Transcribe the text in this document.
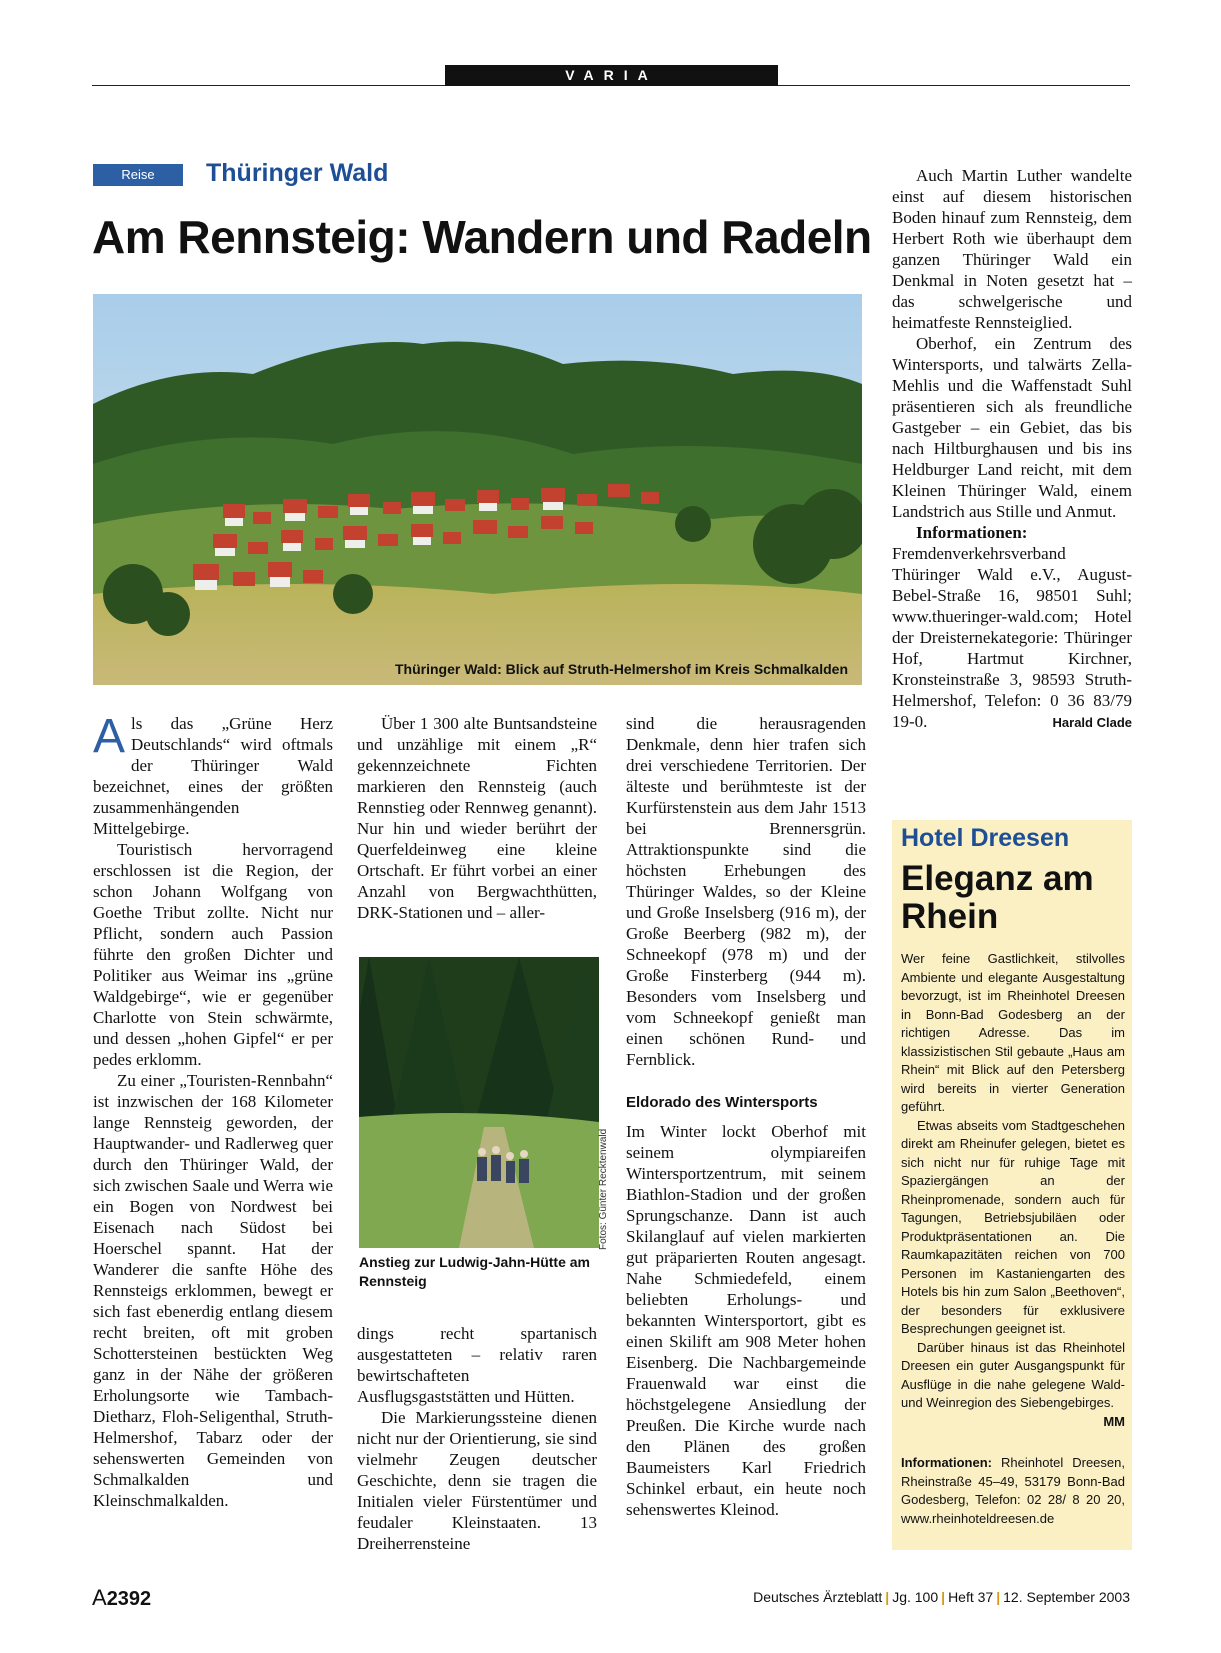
VARIA
Reise	Thüringer Wald
Am Rennsteig: Wandern und Radeln
Thüringer Wald: Blick auf Struth-Helmershof im Kreis Schmalkalden

Als das „Grüne Herz Deutschlands“ wird oftmals der Thüringer Wald bezeichnet, eines der größten zusammenhängenden Mittelgebirge.

Touristisch hervorragend erschlossen ist die Region, der schon Johann Wolfgang von Goethe Tribut zollte. Nicht nur Pflicht, sondern auch Passion führte den großen Dichter und Politiker aus Weimar ins „grüne Waldgebirge“, wie er gegenüber Charlotte von Stein schwärmte, und dessen „hohen Gipfel“ er per pedes erklomm.

Zu einer „Touristen-Rennbahn“ ist inzwischen der 168 Kilometer lange Rennsteig geworden, der Hauptwander- und Radlerweg quer durch den Thüringer Wald, der sich zwischen Saale und Werra wie ein Bogen von Nordwest bei Eisenach nach Südost bei Hoerschel spannt. Hat der Wanderer die sanfte Höhe des Rennsteigs erklommen, bewegt er sich fast ebenerdig entlang diesem recht breiten, oft mit groben Schottersteinen bestückten Weg ganz in der Nähe der größeren Erholungsorte wie Tambach-Dietharz, Floh-Seligenthal, Struth-Helmershof, Tabarz oder der sehenswerten Gemeinden von Schmalkalden und Kleinschmalkalden.

Über 1 300 alte Buntsandsteine und unzählige mit einem „R“ gekennzeichnete Fichten markieren den Rennsteig (auch Rennstieg oder Rennweg genannt). Nur hin und wieder berührt der Querfeldeinweg eine kleine Ortschaft. Er führt vorbei an einer Anzahl von Bergwachthütten, DRK-Stationen und – aller-

Fotos: Günter Recktenwald
Anstieg zur Ludwig-Jahn-Hütte am Rennsteig

dings recht spartanisch ausgestatteten – relativ raren bewirtschafteten Ausflugsgaststätten und Hütten.

Die Markierungssteine dienen nicht nur der Orientierung, sie sind vielmehr Zeugen deutscher Geschichte, denn sie tragen die Initialen vieler Fürstentümer und feudaler Kleinstaaten. 13 Dreiherrensteine

sind die herausragenden Denkmale, denn hier trafen sich drei verschiedene Territorien. Der älteste und berühmteste ist der Kurfürstenstein aus dem Jahr 1513 bei Brennersgrün. Attraktionspunkte sind die höchsten Erhebungen des Thüringer Waldes, so der Kleine und Große Inselsberg (916 m), der Große Beerberg (982 m), der Schneekopf (978 m) und der Große Finsterberg (944 m). Besonders vom Inselsberg und vom Schneekopf genießt man einen schönen Rund- und Fernblick.

Eldorado des Wintersports

Im Winter lockt Oberhof mit seinem olympiareifen Wintersportzentrum, mit seinem Biathlon-Stadion und der großen Sprungschanze. Dann ist auch Skilanglauf auf vielen markierten gut präparierten Routen angesagt. Nahe Schmiedefeld, einem beliebten Erholungs- und bekannten Wintersportort, gibt es einen Skilift am 908 Meter hohen Eisenberg. Die Nachbargemeinde Frauenwald war einst die höchstgelegene Ansiedlung der Preußen. Die Kirche wurde nach den Plänen des großen Baumeisters Karl Friedrich Schinkel erbaut, ein heute noch sehenswertes Kleinod.

Auch Martin Luther wandelte einst auf diesem historischen Boden hinauf zum Rennsteig, dem Herbert Roth wie überhaupt dem ganzen Thüringer Wald ein Denkmal in Noten gesetzt hat – das schwelgerische und heimatfeste Rennsteiglied.

Oberhof, ein Zentrum des Wintersports, und talwärts Zella-Mehlis und die Waffenstadt Suhl präsentieren sich als freundliche Gastgeber – ein Gebiet, das bis nach Hiltburghausen und bis ins Heldburger Land reicht, mit dem Kleinen Thüringer Wald, einem Landstrich aus Stille und Anmut.

Informationen: Fremdenverkehrsverband Thüringer Wald e.V., August-Bebel-Straße 16, 98501 Suhl; www.thueringer-wald.com; Hotel der Dreisternekategorie: Thüringer Hof, Hartmut Kirchner, Kronsteinstraße 3, 98593 Struth-Helmershof, Telefon: 0 36 83/79 19-0.	Harald Clade

Hotel Dreesen
Eleganz am Rhein

Wer feine Gastlichkeit, stilvolles Ambiente und elegante Ausgestaltung bevorzugt, ist im Rheinhotel Dreesen in Bonn-Bad Godesberg an der richtigen Adresse. Das im klassizistischen Stil gebaute „Haus am Rhein“ mit Blick auf den Petersberg wird bereits in vierter Generation geführt.

Etwas abseits vom Stadtgeschehen direkt am Rheinufer gelegen, bietet es sich nicht nur für ruhige Tage mit Spaziergängen an der Rheinpromenade, sondern auch für Tagungen, Betriebsjubiläen oder Produktpräsentationen an. Die Raumkapazitäten reichen von 700 Personen im Kastaniengarten des Hotels bis hin zum Salon „Beethoven“, der besonders für exklusivere Besprechungen geeignet ist.

Darüber hinaus ist das Rheinhotel Dreesen ein guter Ausgangspunkt für Ausflüge in die nahe gelegene Wald- und Weinregion des Siebengebirges.
MM

Informationen: Rheinhotel Dreesen, Rheinstraße 45–49, 53179 Bonn-Bad Godesberg, Telefon: 02 28/ 8 20 20, www.rheinhoteldreesen.de
A2392	Deutsches Ärzteblatt | Jg. 100 | Heft 37 | 12. September 2003
